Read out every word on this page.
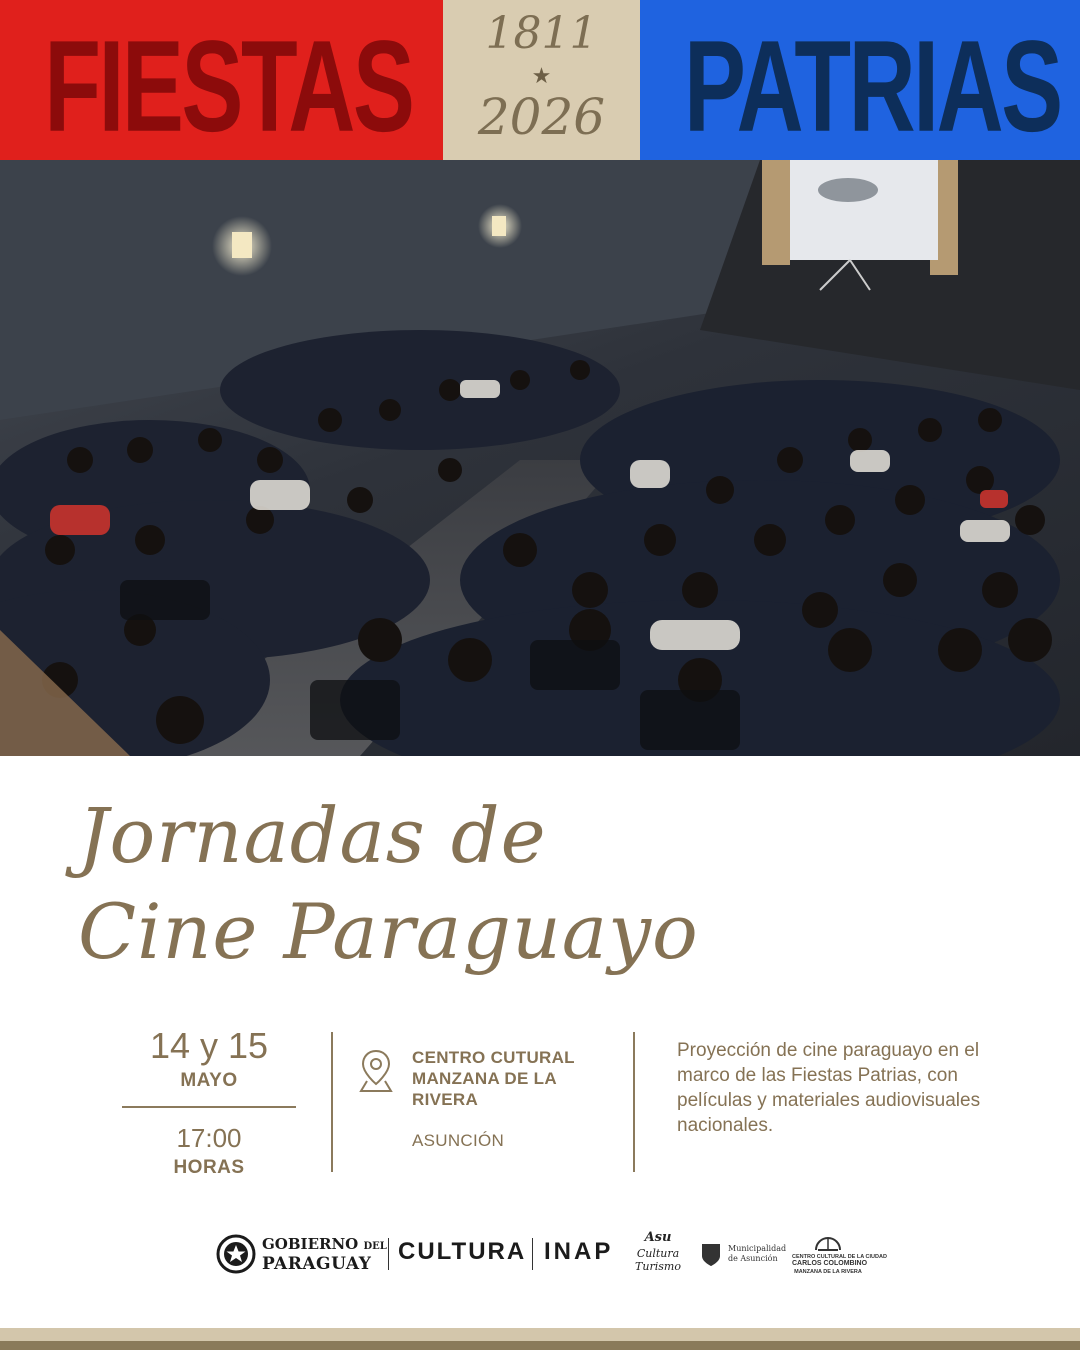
FIESTAS	1811
★
2026 PATRIAS
Jornadas de
Cine Paraguayo
14 y 15
MAYO
17:00
HORAS
CENTRO CUTURAL MANZANA DE LA RIVERA
ASUNCIÓN
Proyección de cine paraguayo en el marco de las Fiestas Patrias, con películas y materiales audiovisuales nacionales.
GOBIERNO DEL
PARAGUAY	CULTURA INAP
Asu
Cultura
Turismo
Municipalidad
de Asunción	CENTRO CULTURAL DE LA CIUDAD
CARLOS COLOMBINO
MANZANA DE LA RIVERA
